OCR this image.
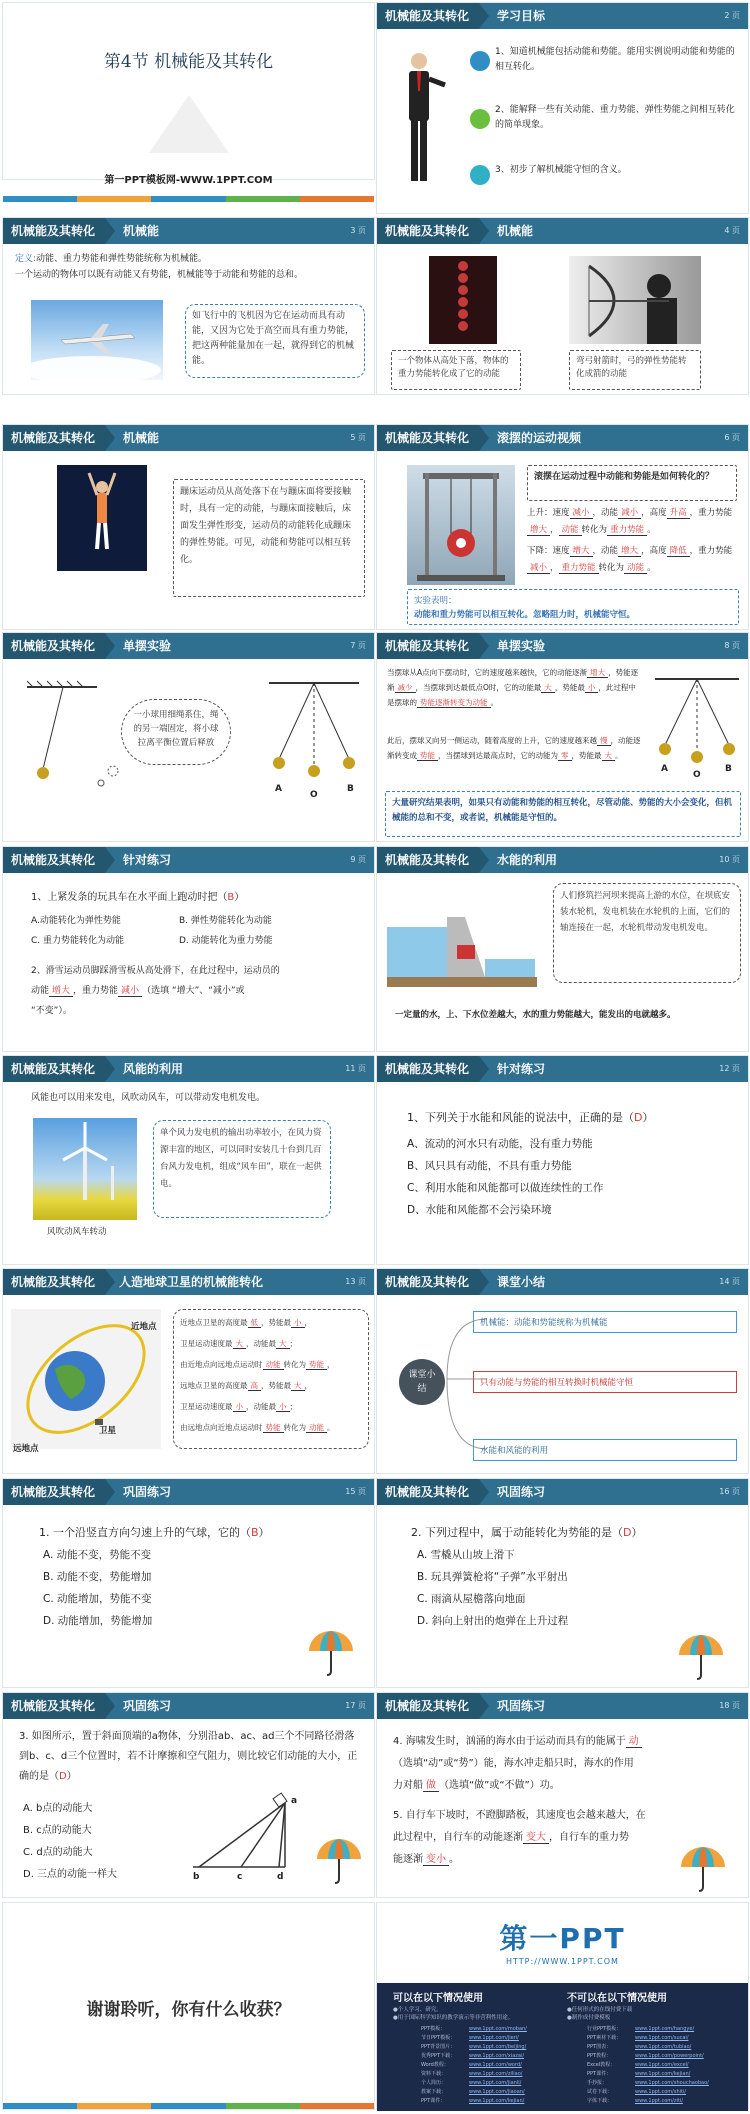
第4节 机械能及其转化
第一PPT模板网-WWW.1PPT.COM
机械能及其转化	学习目标	2 页
1、知道机械能包括动能和势能。能用实例说明动能和势能的相互转化。
2、能解释一些有关动能、重力势能、弹性势能之间相互转化的简单现象。
3、初步了解机械能守恒的含义。
机械能及其转化	机械能	3 页
定义:动能、重力势能和弹性势能统称为机械能。
一个运动的物体可以既有动能又有势能，机械能等于动能和势能的总和。
如飞行中的飞机因为它在运动而具有动能，又因为它处于高空而具有重力势能，把这两种能量加在一起，就得到它的机械能。
机械能及其转化	机械能	4 页
一个物体从高处下落，物体的重力势能转化成了它的动能
弯弓射箭时，弓的弹性势能转化成箭的动能
机械能及其转化	机械能	5 页
蹦床运动员从高处落下在与蹦床面将要接触时，具有一定的动能，与蹦床面接触后，床面发生弹性形变，运动员的动能转化成蹦床的弹性势能。可见，动能和势能可以相互转化。
机械能及其转化	滚摆的运动视频	6 页
滚摆在运动过程中动能和势能是如何转化的？
上升：速度 减小 ，动能 减小 ，高度 升高 ，重力势能增大 ， 动能 转化为 重力势能 。
下降：速度 增大 ，动能 增大 ，高度 降低 ，重力势能减小 ， 重力势能 转化为 动能 。
实验表明：
动能和重力势能可以相互转化。忽略阻力时，机械能守恒。
机械能及其转化	单摆实验	7 页
一小球用细绳系住，绳的另一端固定，将小球拉离平衡位置后释放
A
O
B
机械能及其转化	单摆实验	8 页
当摆球从A点向下摆动时，它的速度越来越快，它的动能逐渐 增大 ，势能逐渐 减少 ，当摆球到达最低点O时，它的动能最 大 ，势能最 小 ，此过程中是摆球的 势能逐渐转变为动能 。
此后，摆球又向另一侧运动，随着高度的上升，它的速度越来越 慢 ，动能逐渐转变成 势能 ，当摆球到达最高点时，它的动能为 零 ，势能最 大 。
A
O
B
大量研究结果表明，如果只有动能和势能的相互转化，尽管动能、势能的大小会变化，但机械能的总和不变，或者说，机械能是守恒的。
机械能及其转化	针对练习	9 页
1、上紧发条的玩具车在水平面上跑动时把（B）
A.动能转化为弹性势能	B. 弹性势能转化为动能
C. 重力势能转化为动能	D. 动能转化为重力势能
2、滑雪运动员脚踩滑雪板从高处滑下，在此过程中，运动员的
动能 增大 ，重力势能 减小 （选填 “增大”、“减小”或
“不变”）。
机械能及其转化	水能的利用	10 页
人们修筑拦河坝来提高上游的水位，在坝底安装水轮机，发电机装在水轮机的上面，它们的轴连接在一起，水轮机带动发电机发电。
一定量的水，上、下水位差越大，水的重力势能越大，能发出的电就越多。
机械能及其转化	风能的利用	11 页
风能也可以用来发电，风吹动风车，可以带动发电机发电。
风吹动风车转动
单个风力发电机的输出功率较小，在风力资源丰富的地区，可以同时安装几十台到几百台风力发电机，组成“风车田”，联在一起供电。
机械能及其转化	针对练习	12 页
1、下列关于水能和风能的说法中，正确的是（D）
A、流动的河水只有动能，没有重力势能
B、风只具有动能，不具有重力势能
C、利用水能和风能都可以做连续性的工作
D、水能和风能都不会污染环境
机械能及其转化	人造地球卫星的机械能转化	13 页
近地点
远地点
卫星
近地点卫星的高度最 低 ，势能最 小 ，
卫星运动速度最 大 ，动能最 大 ；
由近地点向远地点运动时 动能 转化为 势能 ，
远地点卫星的高度最 高 ，势能最 大 ，
卫星运动速度最 小 ，动能最 小 ；
由远地点向近地点运动时 势能 转化为 动能 。
机械能及其转化	课堂小结	14 页
课堂小结
机械能：动能和势能统称为机械能
只有动能与势能的相互转换时机械能守恒
水能和风能的利用
机械能及其转化	巩固练习	15 页
1. 一个沿竖直方向匀速上升的气球，它的（B）
A. 动能不变，势能不变
B. 动能不变，势能增加
C. 动能增加，势能不变
D. 动能增加，势能增加
机械能及其转化	巩固练习	16 页
2. 下列过程中，属于动能转化为势能的是（D）
A. 雪橇从山坡上滑下
B. 玩具弹簧枪将“子弹”水平射出
C. 雨滴从屋檐落向地面
D. 斜向上射出的炮弹在上升过程
机械能及其转化	巩固练习	17 页
3. 如图所示，置于斜面顶端的a物体，分别沿ab、ac、ad三个不同路径滑落到b、c、d三个位置时，若不计摩擦和空气阻力，则比较它们动能的大小，正确的是（D）
A. b点的动能大
B. c点的动能大
C. d点的动能大
D. 三点的动能一样大
a
b	c	d
机械能及其转化	巩固练习	18 页
4. 海啸发生时，汹涌的海水由于运动而具有的能属于 动
（选填“动”或“势”）能，海水冲走船只时，海水的作用
力对船 做 （选填“做”或“不做”）功。
5. 自行车下坡时，不蹬脚踏板，其速度也会越来越大，在
此过程中，自行车的动能逐渐 变大 ，自行车的重力势
能逐渐 变小 。
谢谢聆听，你有什么收获？
第一PPT
HTTP://WWW.1PPT.COM
可以在以下情况使用	不可以在以下情况使用
●个人学习、研究。
●用于国际科学知识的教学演示等非营利性用途。
●任何形式的在线付费下载
●制作成付费模板
PPT模板：	www.1ppt.com/moban/
节日PPT模板：	www.1ppt.com/jieri/
PPT背景图片：	www.1ppt.com/beijing/
优秀PPT下载：	www.1ppt.com/xiazai/
Word教程：	www.1ppt.com/word/
资料下载：	www.1ppt.com/ziliao/
个人简历：	www.1ppt.com/jianli/
教案下载：	www.1ppt.com/jiaoan/
PPT课件：	www.1ppt.com/kejian/
行业PPT模板：	www.1ppt.com/hangye/
PPT素材下载：	www.1ppt.com/sucai/
PPT图表：	www.1ppt.com/tubiao/
PPT教程：	www.1ppt.com/powerpoint/
Excel教程：	www.1ppt.com/excel/
PPT课件：	www.1ppt.com/kejian/
手抄报：	www.1ppt.com/shouchaobao/
试卷下载：	www.1ppt.com/shiti/
字体下载：	www.1ppt.com/ziti/
